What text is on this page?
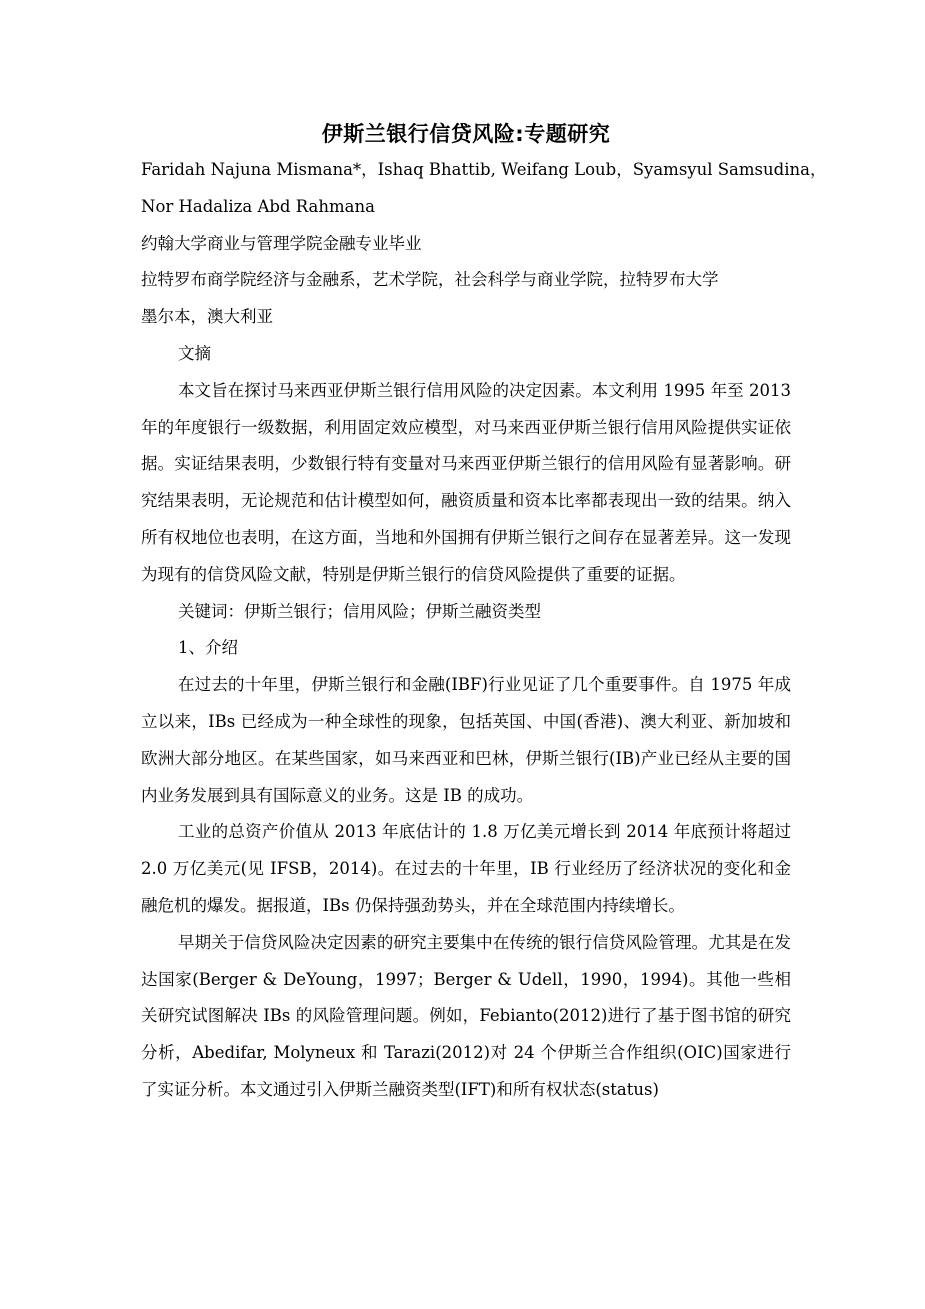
伊斯兰银行信贷风险:专题研究

Faridah Najuna Mismana*，Ishaq Bhattib, Weifang Loub，Syamsyul Samsudina，

Nor Hadaliza Abd Rahmana

约翰大学商业与管理学院金融专业毕业

拉特罗布商学院经济与金融系，艺术学院，社会科学与商业学院，拉特罗布大学

墨尔本，澳大利亚

文摘

本文旨在探讨马来西亚伊斯兰银行信用风险的决定因素。本文利用 1995 年至 2013 年的年度银行一级数据，利用固定效应模型，对马来西亚伊斯兰银行信用风险提供实证依据。实证结果表明，少数银行特有变量对马来西亚伊斯兰银行的信用风险有显著影响。研究结果表明，无论规范和估计模型如何，融资质量和资本比率都表现出一致的结果。纳入所有权地位也表明，在这方面，当地和外国拥有伊斯兰银行之间存在显著差异。这一发现为现有的信贷风险文献，特别是伊斯兰银行的信贷风险提供了重要的证据。

关键词：伊斯兰银行；信用风险；伊斯兰融资类型

1、介绍

在过去的十年里，伊斯兰银行和金融(IBF)行业见证了几个重要事件。自 1975 年成立以来，IBs 已经成为一种全球性的现象，包括英国、中国(香港)、澳大利亚、新加坡和欧洲大部分地区。在某些国家，如马来西亚和巴林，伊斯兰银行(IB)产业已经从主要的国内业务发展到具有国际意义的业务。这是 IB 的成功。

工业的总资产价值从 2013 年底估计的 1.8 万亿美元增长到 2014 年底预计将超过 2.0 万亿美元(见 IFSB，2014)。在过去的十年里，IB 行业经历了经济状况的变化和金融危机的爆发。据报道，IBs 仍保持强劲势头，并在全球范围内持续增长。

早期关于信贷风险决定因素的研究主要集中在传统的银行信贷风险管理。尤其是在发达国家(Berger & DeYoung，1997；Berger & Udell，1990，1994)。其他一些相关研究试图解决 IBs 的风险管理问题。例如，Febianto(2012)进行了基于图书馆的研究分析，Abedifar, Molyneux 和 Tarazi(2012)对 24 个伊斯兰合作组织(OIC)国家进行了实证分析。本文通过引入伊斯兰融资类型(IFT)和所有权状态(status)
